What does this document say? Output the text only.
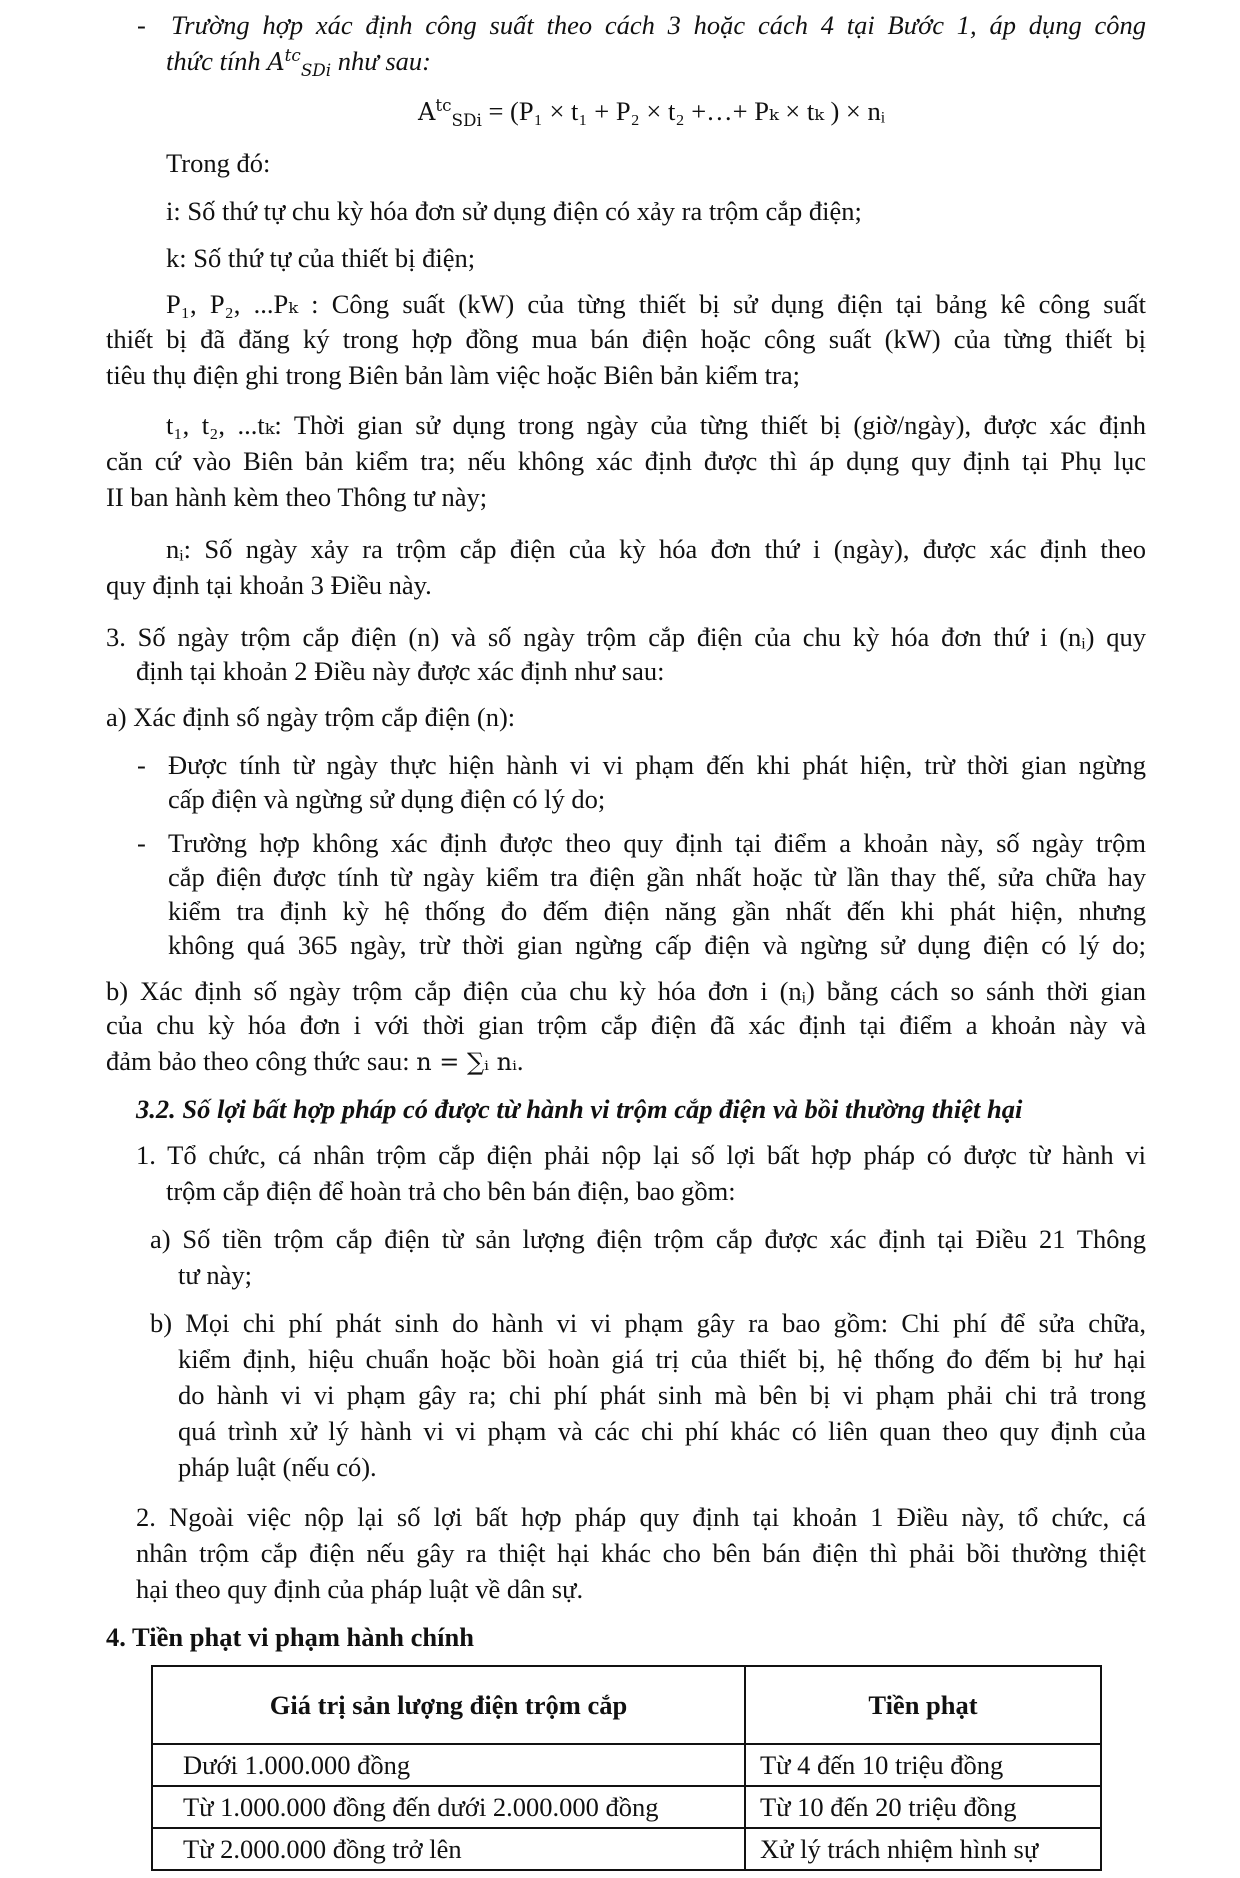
- Trường hợp xác định công suất theo cách 3 hoặc cách 4 tại Bước 1, áp dụng công
thức tính $A^{tc}_{SDi}$ như sau:
$A^{tc}_{SDi} = (P_1 \times t_1 + P_2 \times t_2$ +…+ Pₖ × tₖ ) × nᵢ
Trong đó:
i: Số thứ tự chu kỳ hóa đơn sử dụng điện có xảy ra trộm cắp điện;
k: Số thứ tự của thiết bị điện;
P₁, P₂, ...Pₖ : Công suất (kW) của từng thiết bị sử dụng điện tại bảng kê công suất
thiết bị đã đăng ký trong hợp đồng mua bán điện hoặc công suất (kW) của từng thiết bị
tiêu thụ điện ghi trong Biên bản làm việc hoặc Biên bản kiểm tra;
t₁, t₂, ...tₖ: Thời gian sử dụng trong ngày của từng thiết bị (giờ/ngày), được xác định
căn cứ vào Biên bản kiểm tra; nếu không xác định được thì áp dụng quy định tại Phụ lục
II ban hành kèm theo Thông tư này;
nᵢ: Số ngày xảy ra trộm cắp điện của kỳ hóa đơn thứ i (ngày), được xác định theo
quy định tại khoản 3 Điều này.
3. Số ngày trộm cắp điện (n) và số ngày trộm cắp điện của chu kỳ hóa đơn thứ i (nᵢ) quy
định tại khoản 2 Điều này được xác định như sau:
a) Xác định số ngày trộm cắp điện (n):
- Được tính từ ngày thực hiện hành vi vi phạm đến khi phát hiện, trừ thời gian ngừng
cấp điện và ngừng sử dụng điện có lý do;
- Trường hợp không xác định được theo quy định tại điểm a khoản này, số ngày trộm
cắp điện được tính từ ngày kiểm tra điện gần nhất hoặc từ lần thay thế, sửa chữa hay
kiểm tra định kỳ hệ thống đo đếm điện năng gần nhất đến khi phát hiện, nhưng
không quá 365 ngày, trừ thời gian ngừng cấp điện và ngừng sử dụng điện có lý do;
b) Xác định số ngày trộm cắp điện của chu kỳ hóa đơn i (nᵢ) bằng cách so sánh thời gian
của chu kỳ hóa đơn i với thời gian trộm cắp điện đã xác định tại điểm a khoản này và
đảm bảo theo công thức sau: n = ∑ᵢ nᵢ.
3.2. Số lợi bất hợp pháp có được từ hành vi trộm cắp điện và bồi thường thiệt hại
1. Tổ chức, cá nhân trộm cắp điện phải nộp lại số lợi bất hợp pháp có được từ hành vi
trộm cắp điện để hoàn trả cho bên bán điện, bao gồm:
a) Số tiền trộm cắp điện từ sản lượng điện trộm cắp được xác định tại Điều 21 Thông
tư này;
b) Mọi chi phí phát sinh do hành vi vi phạm gây ra bao gồm: Chi phí để sửa chữa,
kiểm định, hiệu chuẩn hoặc bồi hoàn giá trị của thiết bị, hệ thống đo đếm bị hư hại
do hành vi vi phạm gây ra; chi phí phát sinh mà bên bị vi phạm phải chi trả trong
quá trình xử lý hành vi vi phạm và các chi phí khác có liên quan theo quy định của
pháp luật (nếu có).
2. Ngoài việc nộp lại số lợi bất hợp pháp quy định tại khoản 1 Điều này, tổ chức, cá
nhân trộm cắp điện nếu gây ra thiệt hại khác cho bên bán điện thì phải bồi thường thiệt
hại theo quy định của pháp luật về dân sự.
4. Tiền phạt vi phạm hành chính
Giá trị sản lượng điện trộm cắp	Tiền phạt
Dưới 1.000.000 đồng	Từ 4 đến 10 triệu đồng
Từ 1.000.000 đồng đến dưới 2.000.000 đồng	Từ 10 đến 20 triệu đồng
Từ 2.000.000 đồng trở lên	Xử lý trách nhiệm hình sự
